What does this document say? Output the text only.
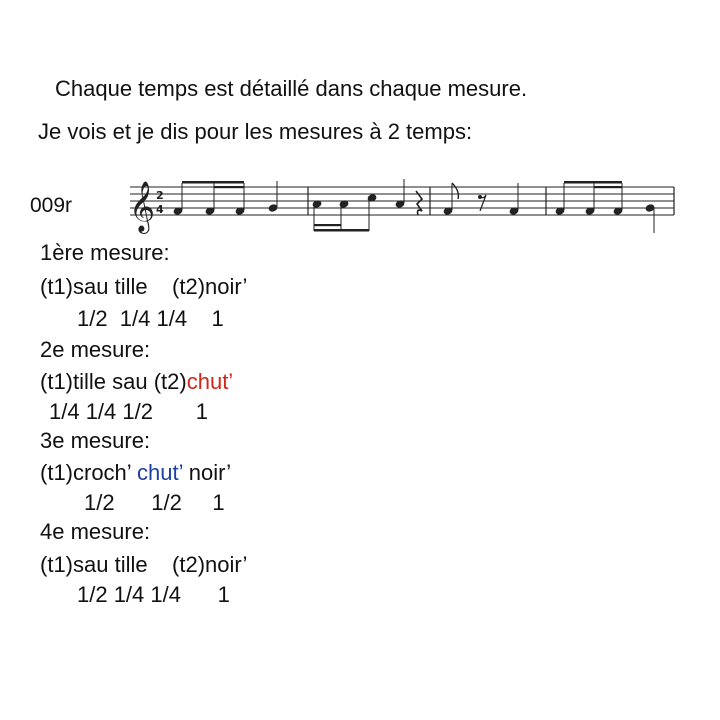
Chaque temps est détaillé dans chaque mesure.
Je vois et je dis pour les mesures à 2 temps:
009r 𝄞 2
4
1ère mesure:
(t1)sau tille    (t2)noir’
1/2  1/4 1/4    1
2e mesure:
(t1)tille sau (t2)chut’
1/4 1/4 1/2       1
3e mesure:
(t1)croch’ chut’ noir’
1/2      1/2     1
4e mesure:
(t1)sau tille    (t2)noir’
1/2 1/4 1/4      1
